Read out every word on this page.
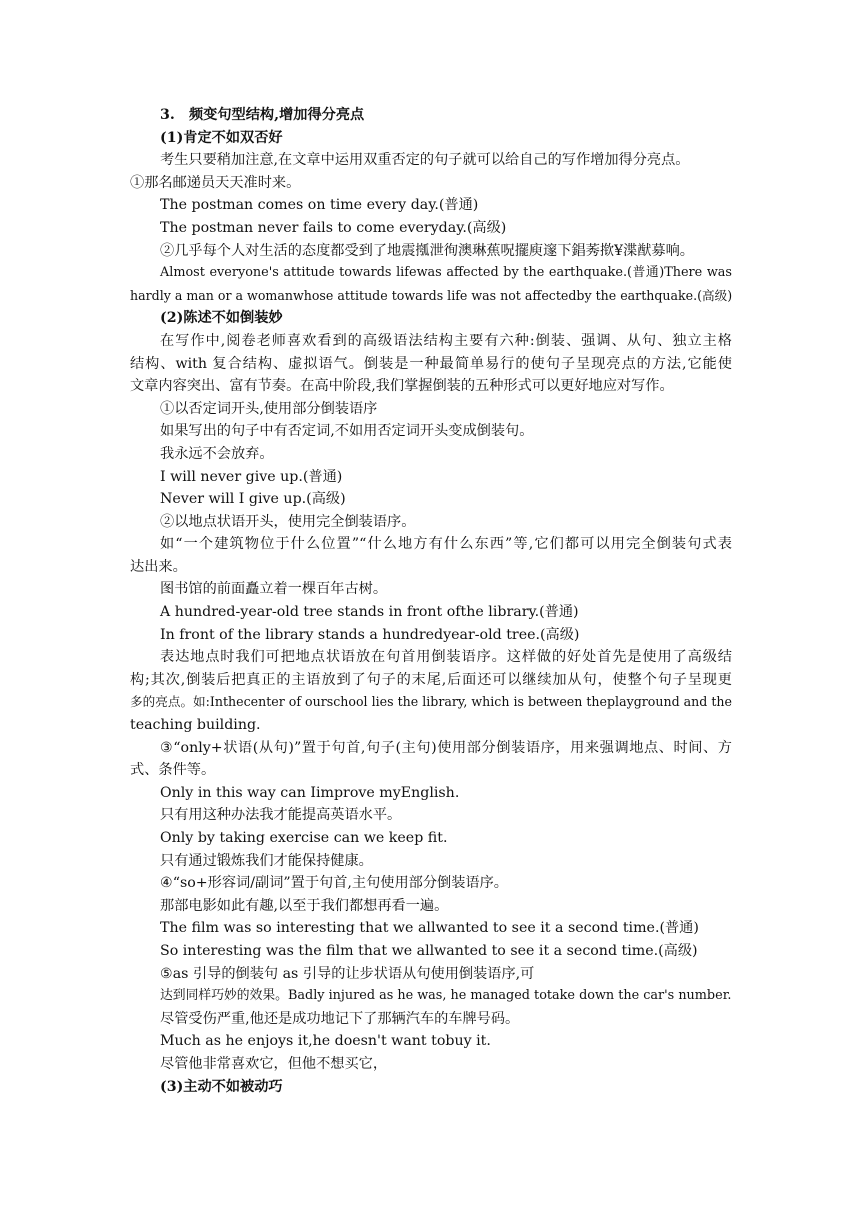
3.　频变句型结构,增加得分亮点
(1)肯定不如双否好
考生只要稍加注意,在文章中运用双重否定的句子就可以给自己的写作增加得分亮点。
①那名邮递员天天准时来。
The postman comes on time every day.(普通)
The postman never fails to come everyday.(高级)
②几乎每个人对生活的态度都受到了地震摦泄徇澳琳蕉呪擺庾邃下錩莠揿¥渫猷募响。
Almost everyone's attitude towards lifewas affected by the earthquake.(普通)There was
hardly a man or a womanwhose attitude towards life was not affectedby the earthquake.(高级)
(2)陈述不如倒装妙
在写作中,阅卷老师喜欢看到的高级语法结构主要有六种:倒装、强调、从句、独立主格
结构、with 复合结构、虚拟语气。倒装是一种最简单易行的使句子呈现亮点的方法,它能使
文章内容突出、富有节奏。在高中阶段,我们掌握倒装的五种形式可以更好地应对写作。
①以否定词开头,使用部分倒装语序
如果写出的句子中有否定词,不如用否定词开头变成倒装句。
我永远不会放弃。
I will never give up.(普通)
Never will I give up.(高级)
②以地点状语开头，使用完全倒装语序。
如“一个建筑物位于什么位置”“什么地方有什么东西”等,它们都可以用完全倒装句式表
达出来。
图书馆的前面矗立着一棵百年古树。
A hundred-year-old tree stands in front ofthe library.(普通)
In front of the library stands a hundredyear-old tree.(高级)
表达地点时我们可把地点状语放在句首用倒装语序。这样做的好处首先是使用了高级结
构;其次,倒装后把真正的主语放到了句子的末尾,后面还可以继续加从句，使整个句子呈现更
多的亮点。如:Inthecenter of ourschool lies the library, which is between theplayground and the
teaching building.
③“only+状语(从句)”置于句首,句子(主句)使用部分倒装语序，用来强调地点、时间、方
式、条件等。
Only in this way can Iimprove myEnglish.
只有用这种办法我才能提高英语水平。
Only by taking exercise can we keep fit.
只有通过锻炼我们才能保持健康。
④“so+形容词/副词”置于句首,主句使用部分倒装语序。
那部电影如此有趣,以至于我们都想再看一遍。
The film was so interesting that we allwanted to see it a second time.(普通)
So interesting was the film that we allwanted to see it a second time.(高级)
⑤as 引导的倒装句 as 引导的让步状语从句使用倒装语序,可
达到同样巧妙的效果。Badly injured as he was, he managed totake down the car's number.
尽管受伤严重,他还是成功地记下了那辆汽车的车牌号码。
Much as he enjoys it,he doesn't want tobuy it.
尽管他非常喜欢它，但他不想买它，
(3)主动不如被动巧
